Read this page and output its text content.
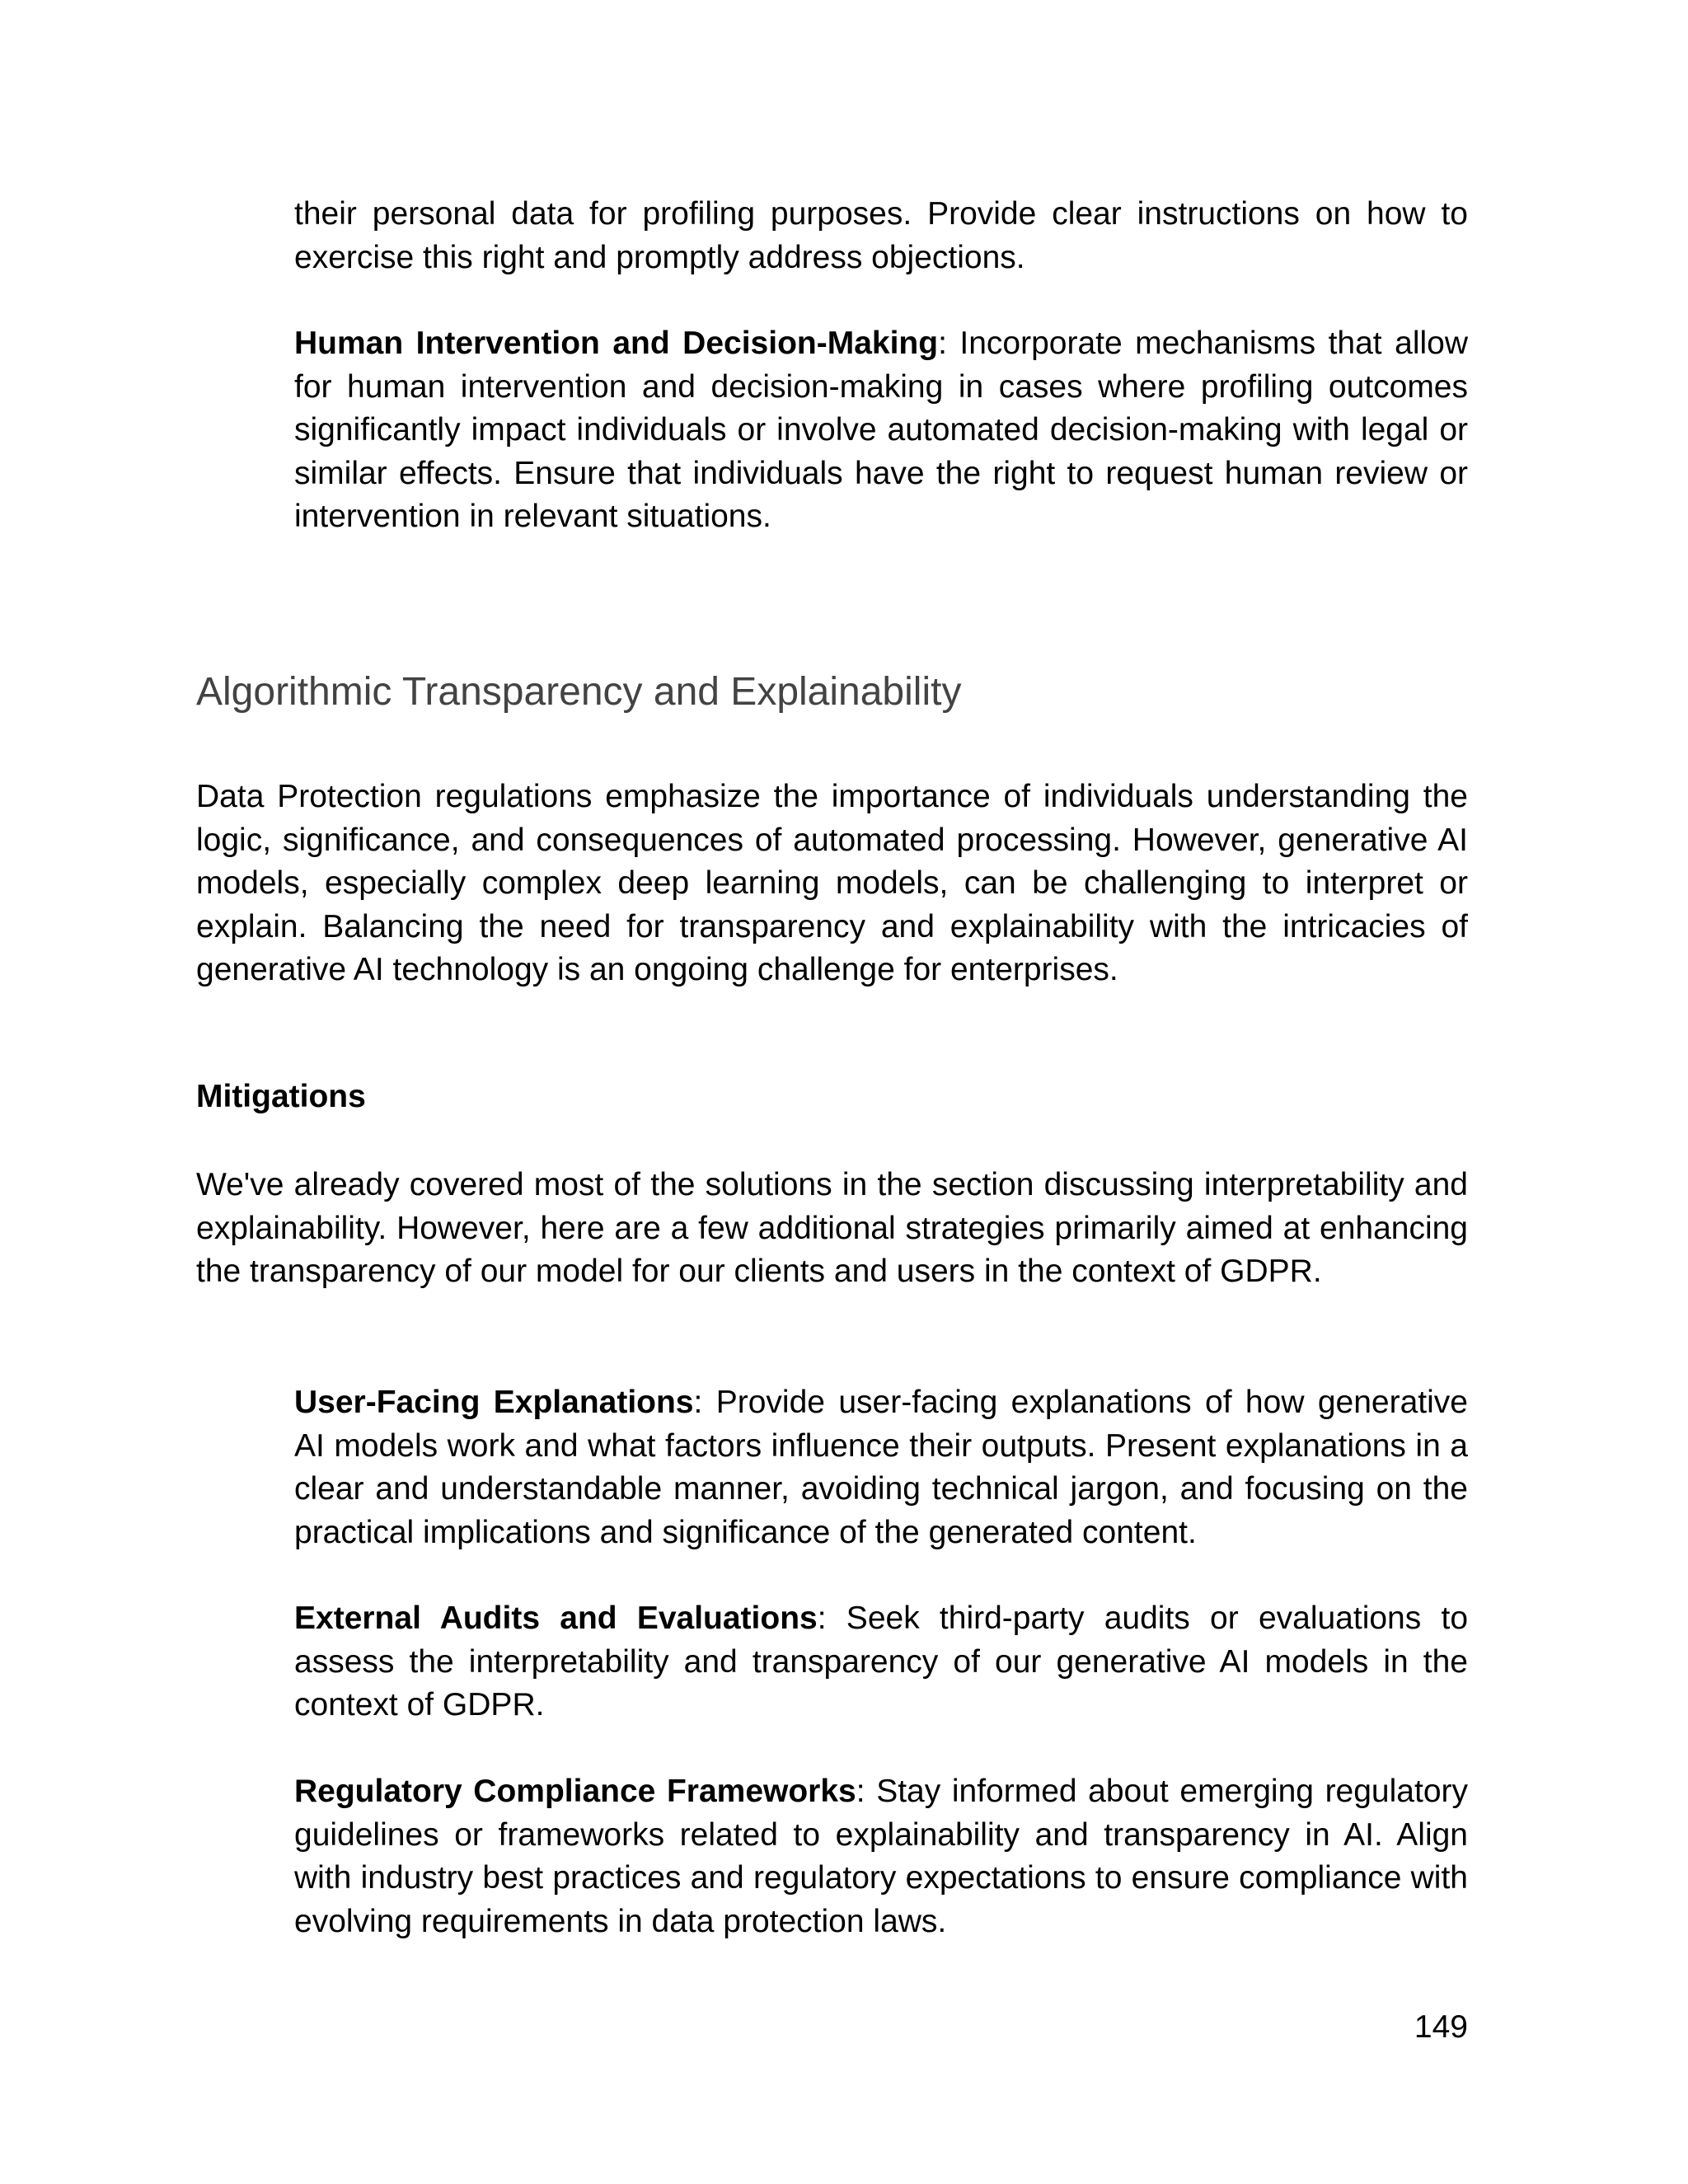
their personal data for profiling purposes. Provide clear instructions on how to exercise this right and promptly address objections.

Human Intervention and Decision-Making: Incorporate mechanisms that allow for human intervention and decision-making in cases where profiling outcomes significantly impact individuals or involve automated decision-making with legal or similar effects. Ensure that individuals have the right to request human review or intervention in relevant situations.

Algorithmic Transparency and Explainability

Data Protection regulations emphasize the importance of individuals understanding the logic, significance, and consequences of automated processing. However, generative AI models, especially complex deep learning models, can be challenging to interpret or explain. Balancing the need for transparency and explainability with the intricacies of generative AI technology is an ongoing challenge for enterprises.

Mitigations

We've already covered most of the solutions in the section discussing interpretability and explainability. However, here are a few additional strategies primarily aimed at enhancing the transparency of our model for our clients and users in the context of GDPR.

User-Facing Explanations: Provide user-facing explanations of how generative AI models work and what factors influence their outputs. Present explanations in a clear and understandable manner, avoiding technical jargon, and focusing on the practical implications and significance of the generated content.

External Audits and Evaluations: Seek third-party audits or evaluations to assess the interpretability and transparency of our generative AI models in the context of GDPR.

Regulatory Compliance Frameworks: Stay informed about emerging regulatory guidelines or frameworks related to explainability and transparency in AI. Align with industry best practices and regulatory expectations to ensure compliance with evolving requirements in data protection laws.

149
